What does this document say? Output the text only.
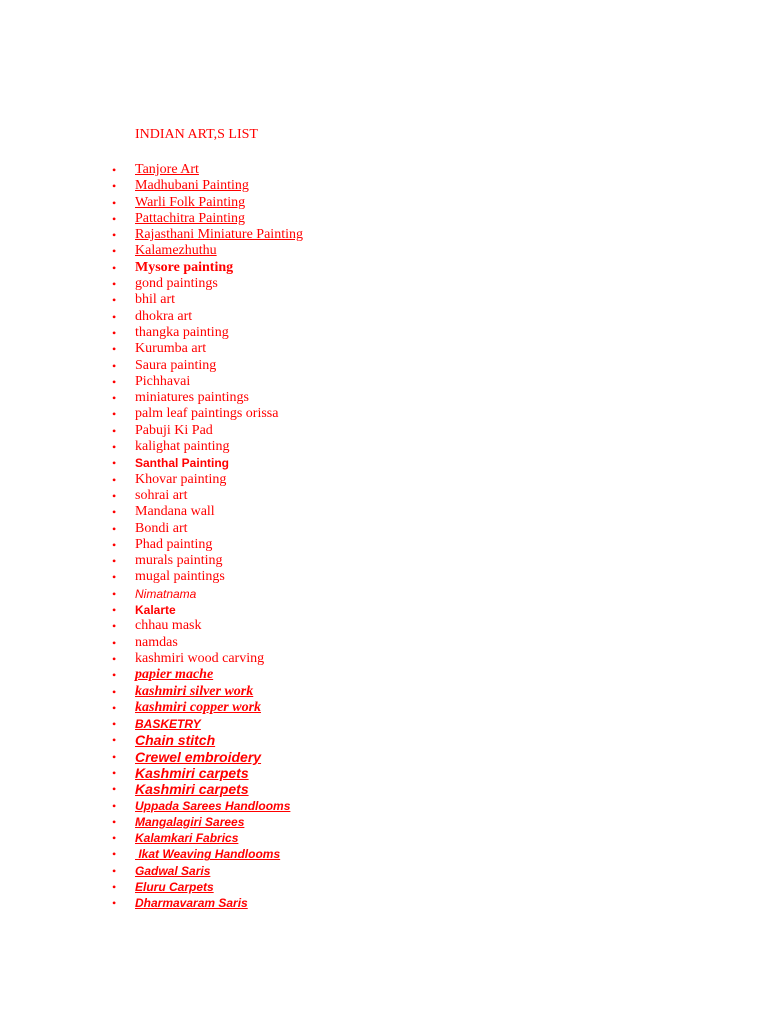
INDIAN ART,S LIST
• Tanjore Art
• Madhubani Painting
• Warli Folk Painting
• Pattachitra Painting
• Rajasthani Miniature Painting
• Kalamezhuthu
• Mysore painting
• gond paintings
• bhil art
• dhokra art
• thangka painting
• Kurumba art
• Saura painting
• Pichhavai
• miniatures paintings
• palm leaf paintings orissa
• Pabuji Ki Pad
• kalighat painting
• Santhal Painting
• Khovar painting
• sohrai art
• Mandana wall
• Bondi art
• Phad painting
• murals painting
• mugal paintings
• Nimatnama
• Kalarte
• chhau mask
• namdas
• kashmiri wood carving
• papier mache
• kashmiri silver work
• kashmiri copper work
• BASKETRY
• Chain stitch
• Crewel embroidery
• Kashmiri carpets
• Kashmiri carpets
• Uppada Sarees Handlooms
• Mangalagiri Sarees
• Kalamkari Fabrics
• Ikat Weaving Handlooms
• Gadwal Saris
• Eluru Carpets
• Dharmavaram Saris
